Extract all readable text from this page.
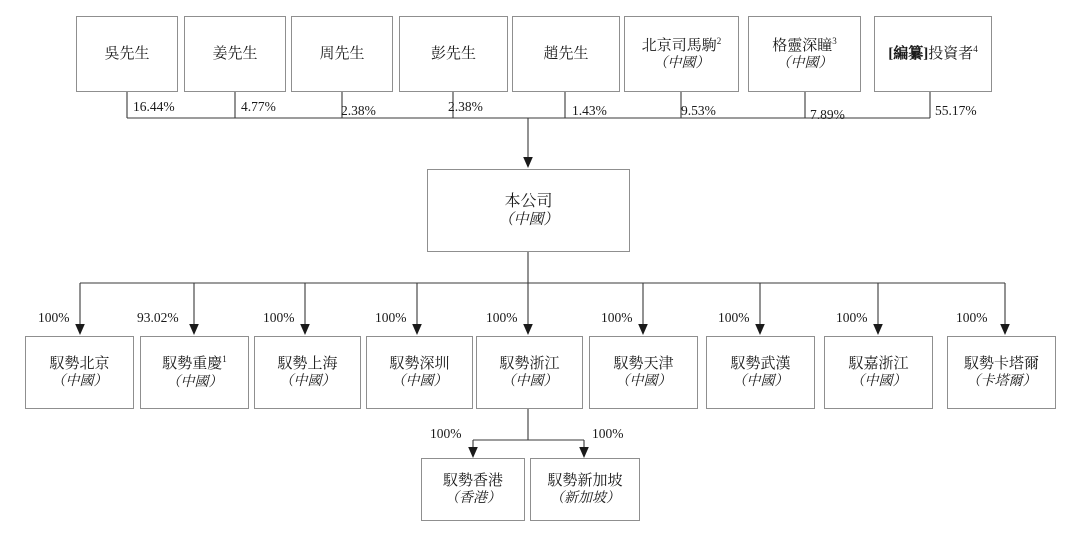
吳先生	姜先生	周先生	彭先生	趙先生
北京司馬駒$^2$
（中國）
格靈深瞳$^3$
（中國）
[編纂]投資者$^4$
16.44%	4.77%	2.38%	2.38%	1.43%	9.53%	7.89%	55.17%
本公司
（中國）
100%	93.02%	100%	100%	100%	100%	100%	100%	100%
馭勢北京
（中國）
馭勢重慶$^1$
（中國）
馭勢上海
（中國）
馭勢深圳
（中國）
馭勢浙江
（中國）
馭勢天津
（中國）
馭勢武漢
（中國）
馭嘉浙江
（中國）
馭勢卡塔爾
（卡塔爾）
100%	100%
馭勢香港
（香港）
馭勢新加坡
（新加坡）
